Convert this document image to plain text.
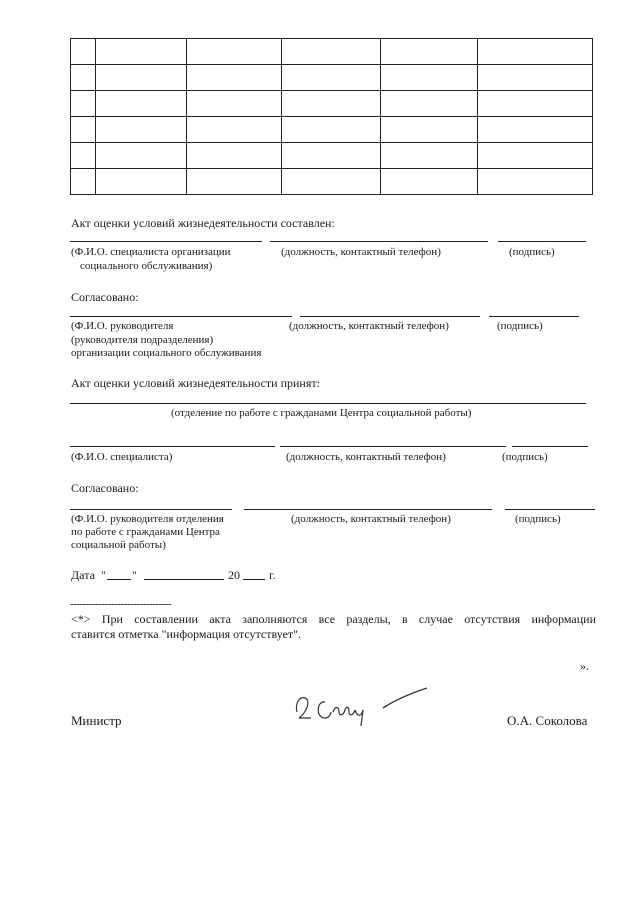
Акт оценки условий жизнедеятельности составлен:
(Ф.И.О. специалиста организации
социального обслуживания)
(должность, контактный телефон)	(подпись)
Согласовано:
(Ф.И.О. руководителя
(руководителя подразделения)
организации социального обслуживания
(должность, контактный телефон)	(подпись)
Акт оценки условий жизнедеятельности принят:
(отделение по работе с гражданами Центра социальной работы)
(Ф.И.О. специалиста)	(должность, контактный телефон)	(подпись)
Согласовано:
(Ф.И.О. руководителя отделения
по работе с гражданами Центра
социальной работы)
(должность, контактный телефон)	(подпись)
Дата " "	20 г.
--------------------------------
<*> При составлении акта заполняются все разделы, в случае отсутствия информации
ставится отметка "информация отсутствует".
».
Министр	О.А. Соколова
